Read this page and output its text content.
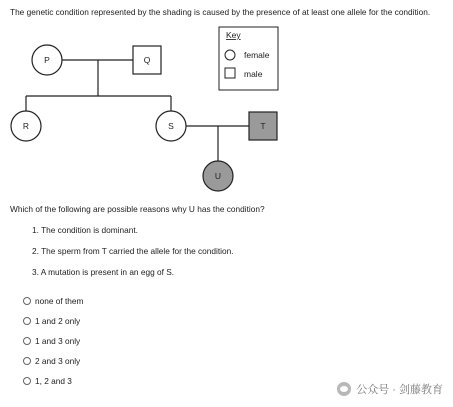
The genetic condition represented by the shading is caused by the presence of at least one allele for the condition.
P	Q
R	S	T
U
Key
female
male
Which of the following are possible reasons why U has the condition?
1. The condition is dominant.
2. The sperm from T carried the allele for the condition.
3. A mutation is present in an egg of S.
none of them
1 and 2 only
1 and 3 only
2 and 3 only
1, 2 and 3
公众号 · 剑藤教育
